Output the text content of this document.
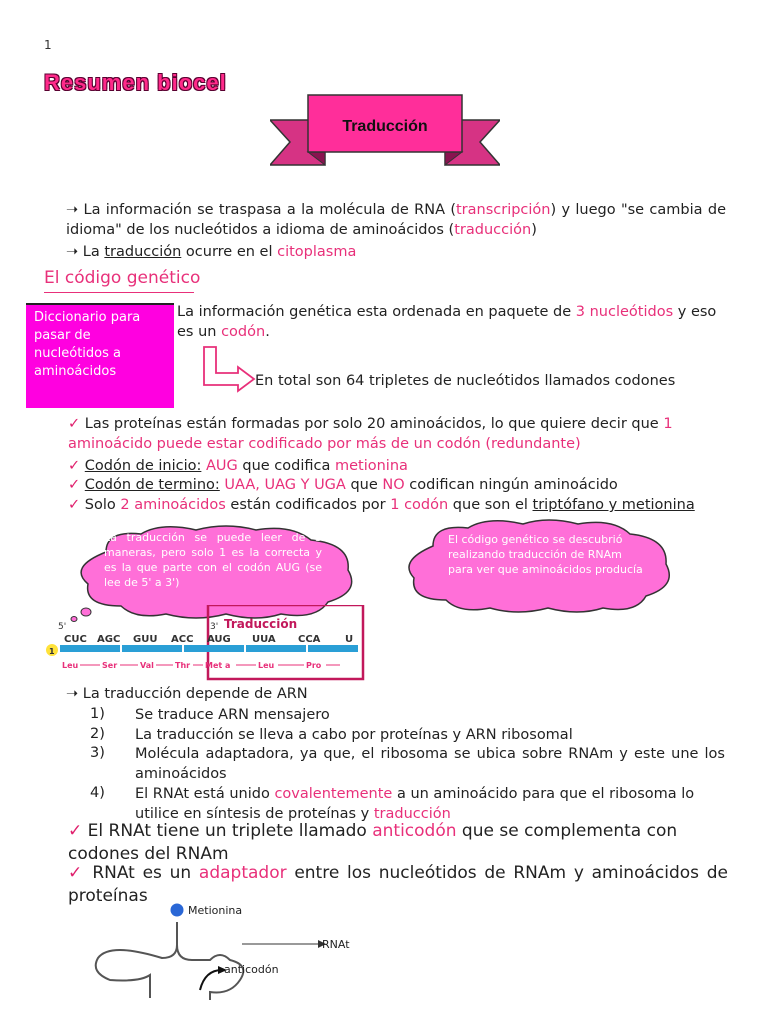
1
Resumen biocel
Traducción
➝ La información se traspasa a la molécula de RNA (transcripción) y luego "se cambia de idioma" de los nucleótidos a idioma de aminoácidos (traducción)
➝ La traducción ocurre en el citoplasma
El código genético
Diccionario para pasar de nucleótidos a aminoácidos
La información genética esta ordenada en paquete de 3 nucleótidos y eso es un codón.
En total son 64 tripletes de nucleótidos llamados codones
✓ Las proteínas están formadas por solo 20 aminoácidos, lo que quiere decir que 1 aminoácido puede estar codificado por más de un codón (redundante)
✓ Codón de inicio: AUG que codifica metionina
✓ Codón de termino: UAA, UAG Y UGA que NO codifican ningún aminoácido
✓ Solo 2 aminoácidos están codificados por 1 codón que son el triptófano y metionina
La traducción se puede leer de 3 maneras, pero solo 1 es la correcta y es la que parte con el codón AUG (se lee de 5' a 3')
El código genético se descubrió realizando traducción de RNAm para ver que aminoácidos producía
Traducción
3'
5'
1
CUC AGC GUU ACC AUG UUA CCA U
Leu	Ser	Val	Thr Met a	Leu	Pro
➝ La traducción depende de ARN
1) Se traduce ARN mensajero
2) La traducción se lleva a cabo por proteínas y ARN ribosomal
3) Molécula adaptadora, ya que, el ribosoma se ubica sobre RNAm y este une los aminoácidos
4) El RNAt está unido covalentemente a un aminoácido para que el ribosoma lo utilice en síntesis de proteínas y traducción
✓ El RNAt tiene un triplete llamado anticodón que se complementa con codones del RNAm
✓ RNAt es un adaptador entre los nucleótidos de RNAm y aminoácidos de proteínas
Metionina
RNAt
anticodón
